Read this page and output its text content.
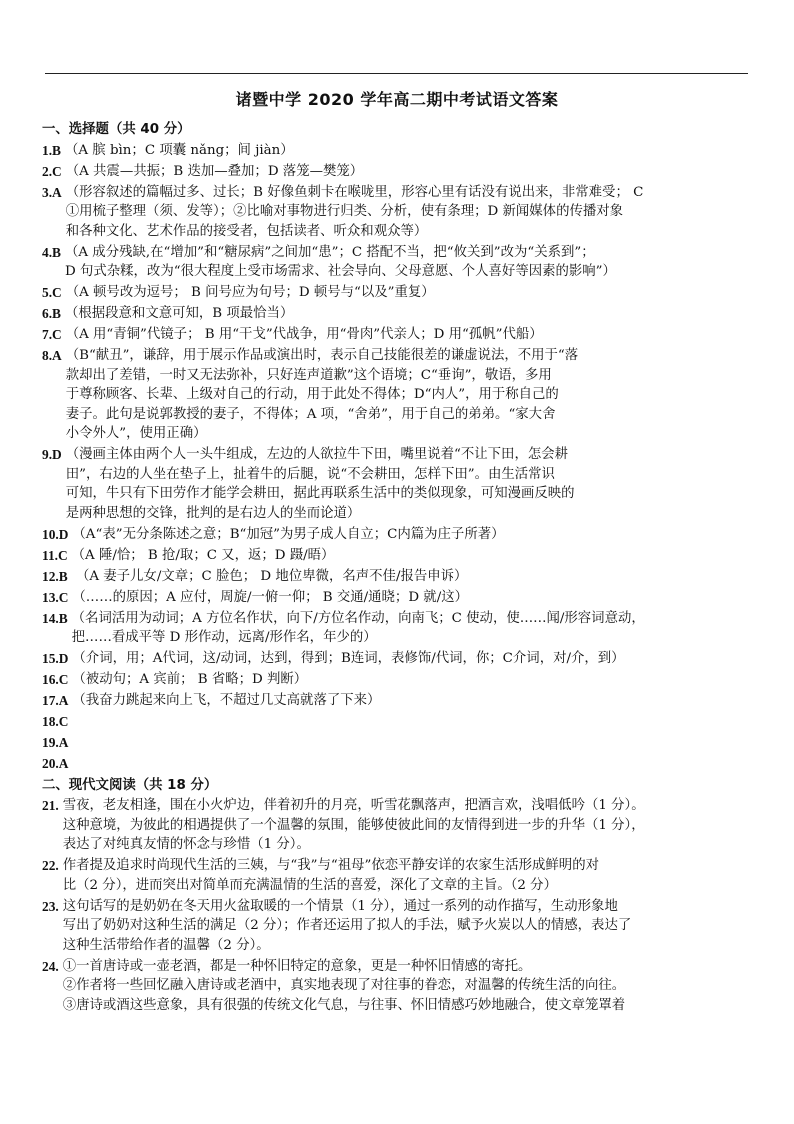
诸暨中学 2020 学年高二期中考试语文答案
一、选择题（共 40 分）
1.B （A 膑 bìn；C 项囊 nǎng；间 jiàn）
2.C （A 共震—共振；B 迭加—叠加；D 落笼—樊笼）
3.A （形容叙述的篇幅过多、过长；B 好像鱼刺卡在喉咙里，形容心里有话没有说出来，非常难受； C
①用梳子整理（须、发等）；②比喻对事物进行归类、分析，使有条理；D 新闻媒体的传播对象
和各种文化、艺术作品的接受者，包括读者、听众和观众等）
4.B （A 成分残缺,在“增加”和“糖尿病”之间加“患”；C 搭配不当，把“攸关到”改为“关系到”；
D 句式杂糅，改为“很大程度上受市场需求、社会导向、父母意愿、个人喜好等因素的影响”）
5.C （A 顿号改为逗号； B 问号应为句号；D 顿号与“以及”重复）
6.B （根据段意和文意可知，B 项最恰当）
7.C （A 用“青铜”代镜子； B 用“干戈”代战争，用“骨肉”代亲人；D 用“孤帆”代船）
8.A （B“献丑”，谦辞，用于展示作品或演出时，表示自己技能很差的谦虚说法，不用于“落
款却出了差错，一时又无法弥补，只好连声道歉”这个语境；C“垂询”，敬语，多用
于尊称顾客、长辈、上级对自己的行动，用于此处不得体；D“内人”，用于称自己的
妻子。此句是说郭教授的妻子，不得体；A 项，“舍弟”，用于自己的弟弟。“家大舍
小令外人”，使用正确）
9.D （漫画主体由两个人一头牛组成，左边的人欲拉牛下田，嘴里说着“不让下田，怎会耕
田”，右边的人坐在垫子上，扯着牛的后腿，说“不会耕田，怎样下田”。由生活常识
可知，牛只有下田劳作才能学会耕田，据此再联系生活中的类似现象，可知漫画反映的
是两种思想的交锋，批判的是右边人的坐而论道）
10.D （A“表”无分条陈述之意；B“加冠”为男子成人自立；C内篇为庄子所著）
11.C （A 陲/恰； B 抢/取；C 又，返；D 蹑/晤）
12.B （A 妻子儿女/文章；C 脸色； D 地位卑微，名声不佳/报告申诉）
13.C （……的原因；A 应付，周旋/一俯一仰； B 交通/通晓；D 就/这）
14.B （名词活用为动词；A 方位名作状，向下/方位名作动，向南飞；C 使动，使……闻/形容词意动，
把……看成平等 D 形作动，远离/形作名，年少的）
15.D （介词，用；A代词，这/动词，达到，得到；B连词，表修饰/代词，你；C介词，对/介，到）
16.C （被动句；A 宾前； B 省略；D 判断）
17.A （我奋力跳起来向上飞，不超过几丈高就落了下来）
18.C
19.A
20.A
二、现代文阅读（共 18 分）
21. 雪夜，老友相逢，围在小火炉边，伴着初升的月亮，听雪花飘落声，把酒言欢，浅唱低吟（1 分）。
这种意境，为彼此的相遇提供了一个温馨的氛围，能够使彼此间的友情得到进一步的升华（1 分），
表达了对纯真友情的怀念与珍惜（1 分）。
22. 作者提及追求时尚现代生活的三姨，与“我”与“祖母”依恋平静安详的农家生活形成鲜明的对
比（2 分），进而突出对简单而充满温情的生活的喜爱，深化了文章的主旨。（2 分）
23. 这句话写的是奶奶在冬天用火盆取暖的一个情景（1 分），通过一系列的动作描写，生动形象地
写出了奶奶对这种生活的满足（2 分）；作者还运用了拟人的手法，赋予火炭以人的情感，表达了
这种生活带给作者的温馨（2 分）。
24. ①一首唐诗或一壶老酒，都是一种怀旧特定的意象，更是一种怀旧情感的寄托。
②作者将一些回忆融入唐诗或老酒中，真实地表现了对往事的眷恋，对温馨的传统生活的向往。
③唐诗或酒这些意象，具有很强的传统文化气息，与往事、怀旧情感巧妙地融合，使文章笼罩着
